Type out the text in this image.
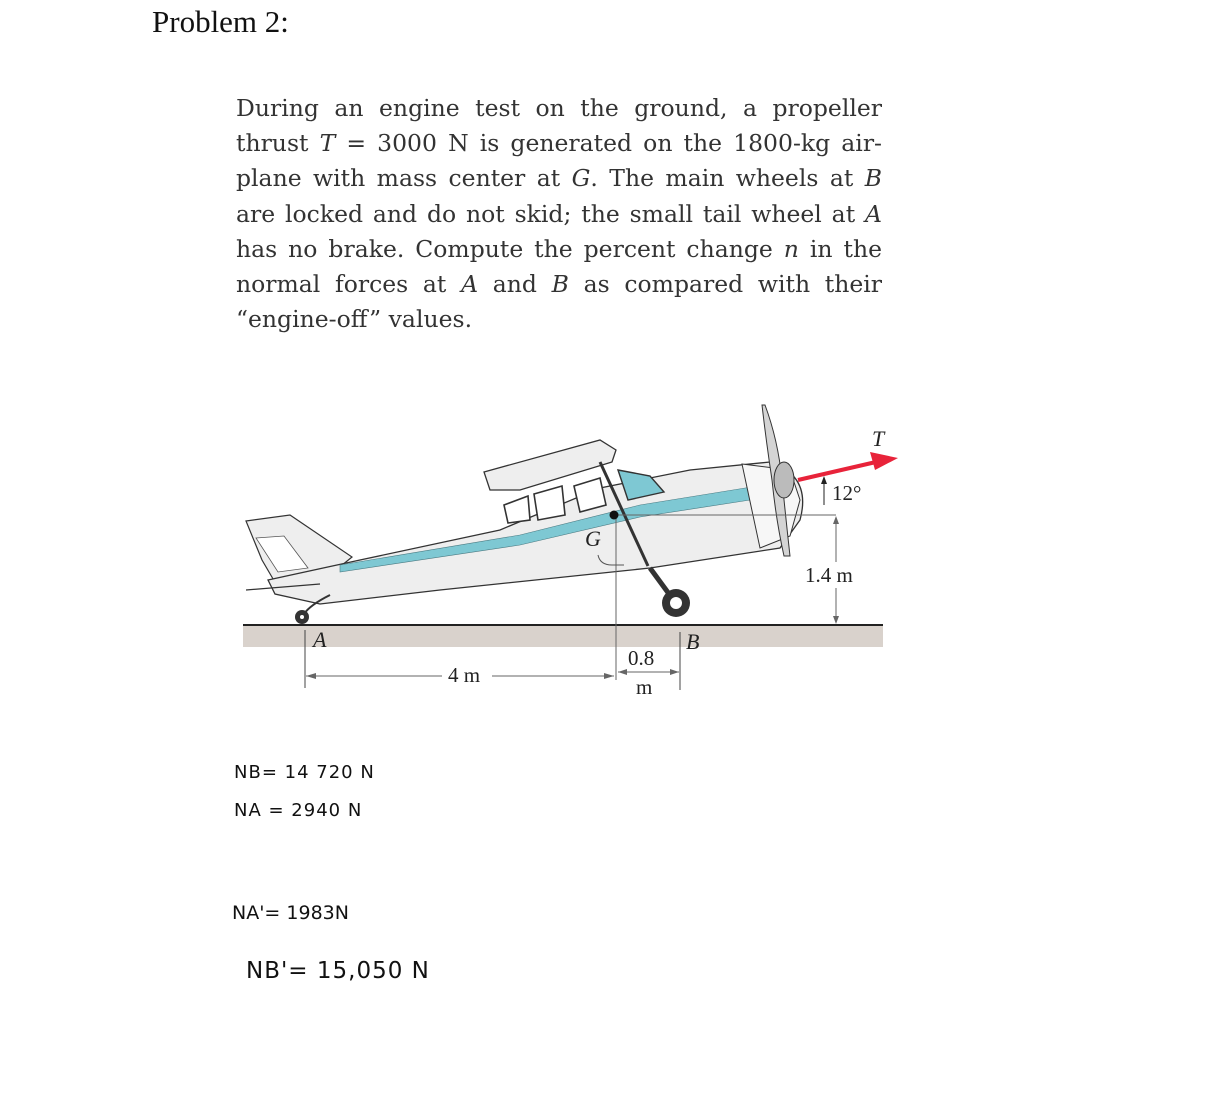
Problem 2:
During an engine test on the ground, a propeller
thrust T = 3000 N is generated on the 1800-kg air-
plane with mass center at G. The main wheels at B
are locked and do not skid; the small tail wheel at A
has no brake. Compute the percent change n in the
normal forces at A and B as compared with their
“engine-off” values.
T
12°
G
1.4 m
A	B
4 m
0.8
m
NB= 14 720 N
NA = 2940 N
NA'= 1983N
NB'= 15,050 N
